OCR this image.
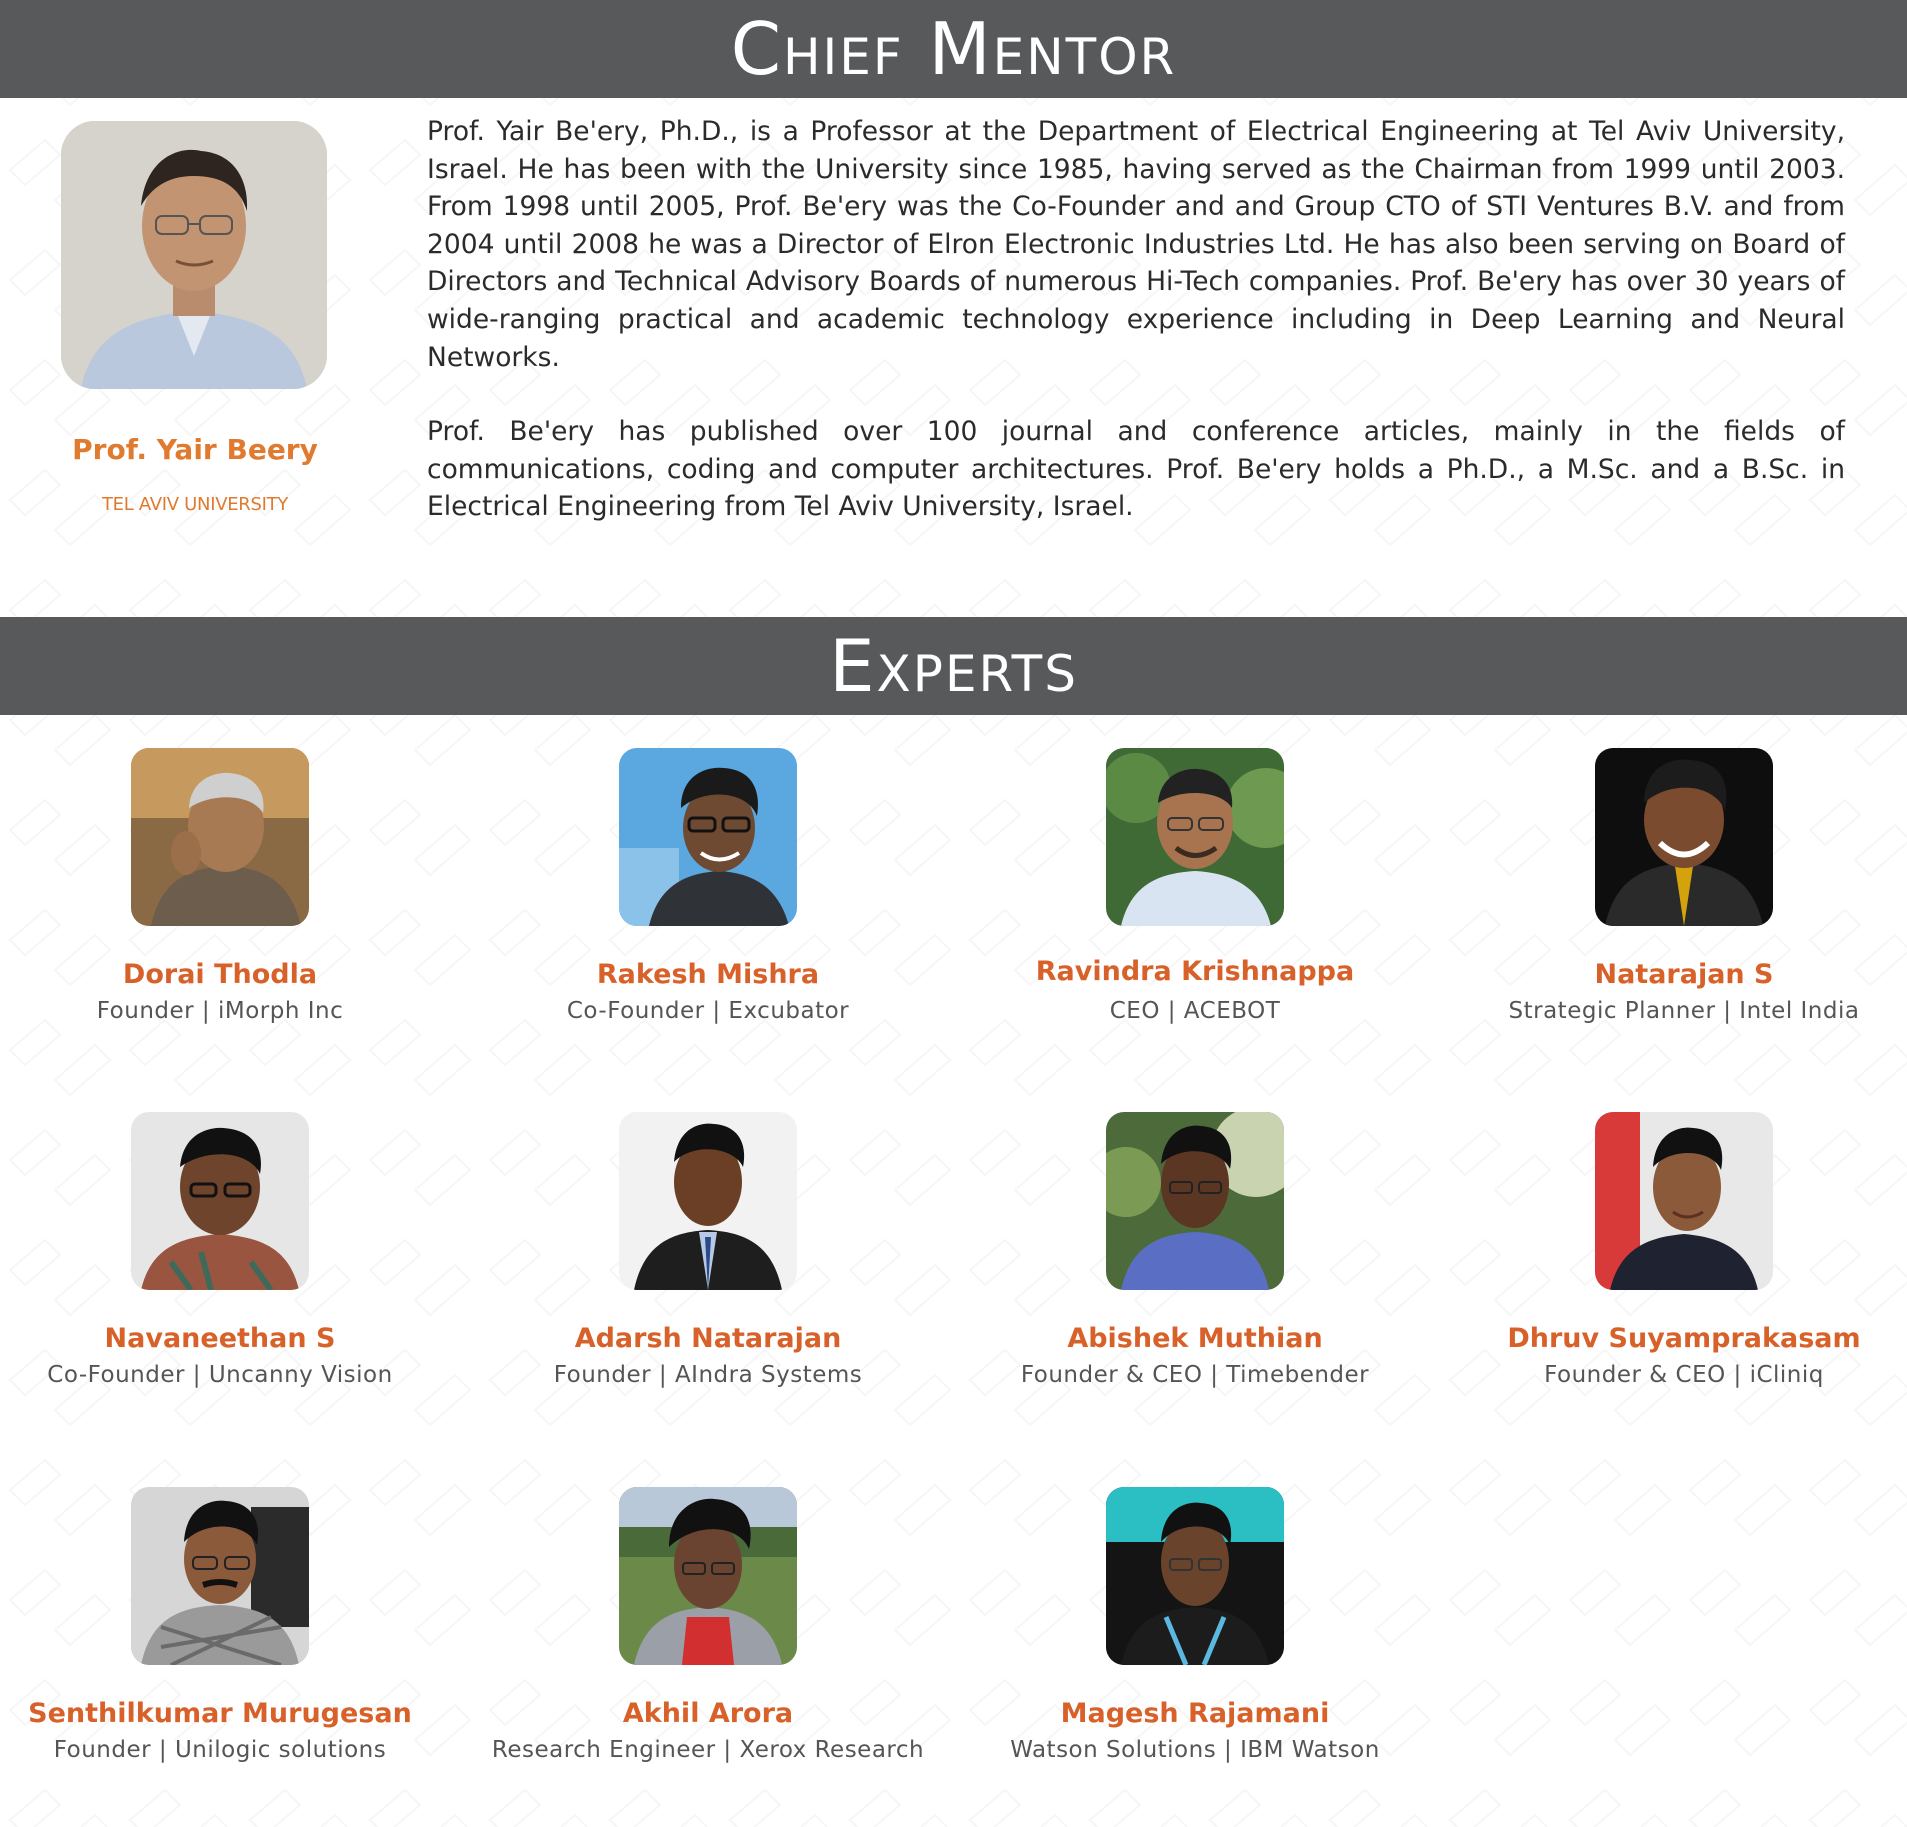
Chief Mentor
Prof. Yair Beery
TEL AVIV UNIVERSITY

Prof. Yair Be'ery, Ph.D., is a Professor at the Department of Electrical Engineering at Tel Aviv University, Israel. He has been with the University since 1985, having served as the Chairman from 1999 until 2003. From 1998 until 2005, Prof. Be'ery was the Co-Founder and and Group CTO of STI Ventures B.V. and from 2004 until 2008 he was a Director of Elron Electronic Industries Ltd. He has also been serving on Board of Directors and Technical Advisory Boards of numerous Hi-Tech companies. Prof. Be'ery has over 30 years of wide-ranging practical and academic technology experience including in Deep Learning and Neural Networks.

Prof. Be'ery has published over 100 journal and conference articles, mainly in the fields of communications, coding and computer architectures. Prof. Be'ery holds a Ph.D., a M.Sc. and a B.Sc. in Electrical Engineering from Tel Aviv University, Israel.

Experts
Dorai Thodla
Founder | iMorph Inc
Rakesh Mishra
Co-Founder | Excubator
Ravindra Krishnappa
CEO | ACEBOT
Natarajan S
Strategic Planner | Intel India
Navaneethan S
Co-Founder | Uncanny Vision
Adarsh Natarajan
Founder | AIndra Systems
Abishek Muthian
Founder & CEO | Timebender
Dhruv Suyamprakasam
Founder & CEO | iCliniq
Senthilkumar Murugesan
Founder | Unilogic solutions
Akhil Arora
Research Engineer | Xerox Research
Magesh Rajamani
Watson Solutions | IBM Watson
